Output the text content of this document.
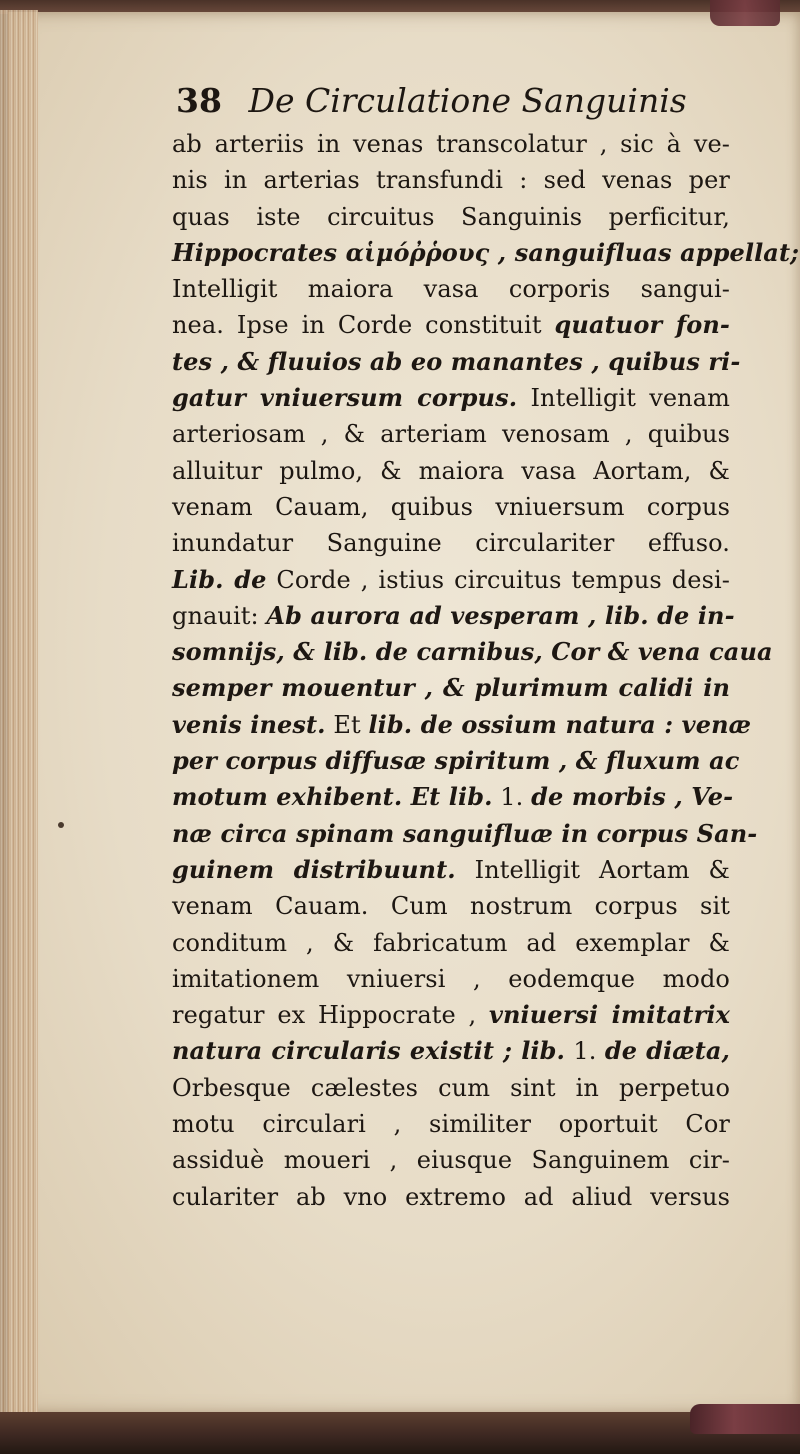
38 De Circulatione Sanguinis
ab arteriis in venas transcolatur , sic à ve-
nis in arterias transfundi : sed venas per
quas iste circuitus Sanguinis perficitur,
Hippocrates αἱμόῤῥους , sanguifluas appellat;
Intelligit maiora vasa corporis sangui-
nea. Ipse in Corde constituit quatuor fon-
tes , & fluuios ab eo manantes , quibus ri-
gatur vniuersum corpus. Intelligit venam
arteriosam , & arteriam venosam , quibus
alluitur pulmo, & maiora vasa Aortam, &
venam Cauam, quibus vniuersum corpus
inundatur Sanguine circulariter effuso.
Lib. de Corde , istius circuitus tempus desi-
gnauit: Ab aurora ad vesperam , lib. de in-
somnijs, & lib. de carnibus, Cor & vena caua
semper mouentur , & plurimum calidi in
venis inest. Et lib. de ossium natura : venæ
per corpus diffusæ spiritum , & fluxum ac
motum exhibent. Et lib. 1. de morbis , Ve-
næ circa spinam sanguifluæ in corpus San-
guinem distribuunt. Intelligit Aortam &
venam Cauam. Cum nostrum corpus sit
conditum , & fabricatum ad exemplar &
imitationem vniuersi , eodemque modo
regatur ex Hippocrate , vniuersi imitatrix
natura circularis existit ; lib. 1. de diæta,
Orbesque cælestes cum sint in perpetuo
motu circulari , similiter oportuit Cor
assiduè moueri , eiusque Sanguinem cir-
culariter ab vno extremo ad aliud versus
